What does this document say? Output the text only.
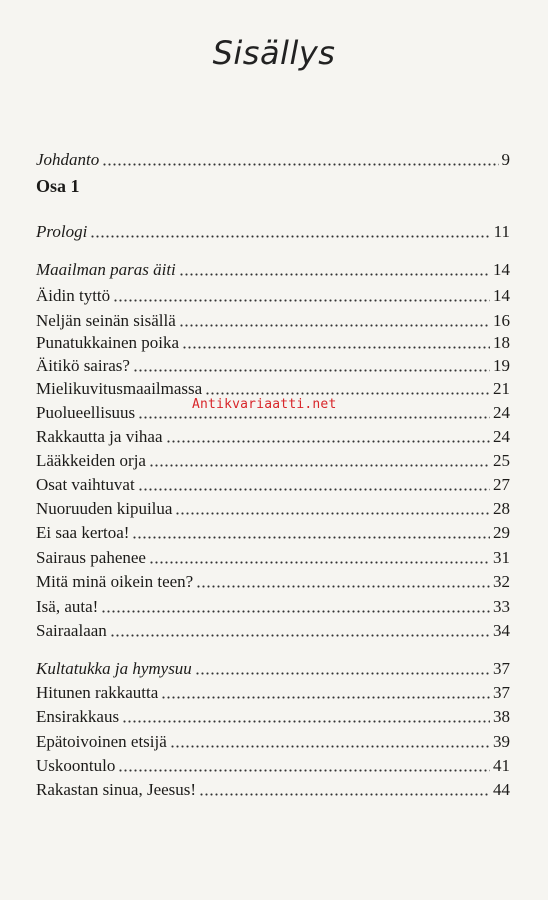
Sisällys
Osa 1
Johdanto	9
Prologi	11
Maailman paras äiti	14
Äidin tyttö	14
Neljän seinän sisällä	16
Punatukkainen poika	18
Äitikö sairas?	19
Mielikuvitusmaailmassa	21
Puolueellisuus	24
Rakkautta ja vihaa	24
Lääkkeiden orja	25
Osat vaihtuvat	27
Nuoruuden kipuilua	28
Ei saa kertoa!	29
Sairaus pahenee	31
Mitä minä oikein teen?	32
Isä, auta!	33
Sairaalaan	34
Kultatukka ja hymysuu	37
Hitunen rakkautta	37
Ensirakkaus	38
Epätoivoinen etsijä	39
Uskoontulo	41
Rakastan sinua, Jeesus!	44
Antikvariaatti.net
